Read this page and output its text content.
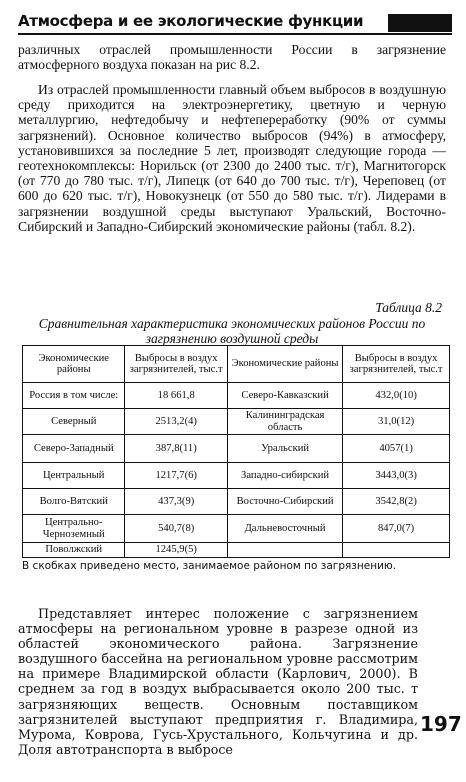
Атмосфера и ее экологические функции

различных отраслей промышленности России в загрязнение атмосферного воздуха показан на рис 8.2.

Из отраслей промышленности главный объем выбросов в воздушную среду приходится на электроэнергетику, цветную и черную металлургию, нефтедобычу и нефтепереработку (90% от суммы загрязнений). Основное количество выбросов (94%) в атмосферу, установившихся за последние 5 лет, производят следующие города — геотехнокомплексы: Норильск (от 2300 до 2400 тыс. т/г), Магнитогорск (от 770 до 780 тыс. т/г), Липецк (от 640 до 700 тыс. т/г), Череповец (от 600 до 620 тыс. т/г), Новокузнецк (от 550 до 580 тыс. т/г). Лидерами в загрязнении воздушной среды выступают Уральский, Восточно-Сибирский и Западно-Сибирский экономические районы (табл. 8.2).

Таблица 8.2

Сравнительная характеристика экономических районов России по загрязнению воздушной среды

Экономические районы	Выбросы в воздух загрязнителей, тыс.т	Экономические районы	Выбросы в воздух загрязнителей, тыс.т
Россия в том числе:	18 661,8	Северо-Кавказский	432,0(10)
Северный	2513,2(4)	Калининградская область	31,0(12)
Северо-Западный	387,8(11)	Уральский	4057(1)
Центральный	1217,7(6)	Западно-сибирский	3443,0(3)
Волго-Вятский	437,3(9)	Восточно-Сибирский	3542,8(2)
Центрально-Черноземный	540,7(8)	Дальневосточный	847,0(7)
Поволжский	1245,9(5)		

В скобках приведено место, занимаемое районом по загрязнению.

Представляет интерес положение с загрязнением атмосферы на региональном уровне в разрезе одной из областей экономического района. Загрязнение воздушного бассейна на региональном уровне рассмотрим на примере Владимирской области (Карлович, 2000). В среднем за год в воздух выбрасывается около 200 тыс. т загрязняющих веществ. Основным поставщиком загрязнителей выступают предприятия г. Владимира, Мурома, Коврова, Гусь-Хрустального, Кольчугина и др. Доля автотранспорта в выбросе

197
